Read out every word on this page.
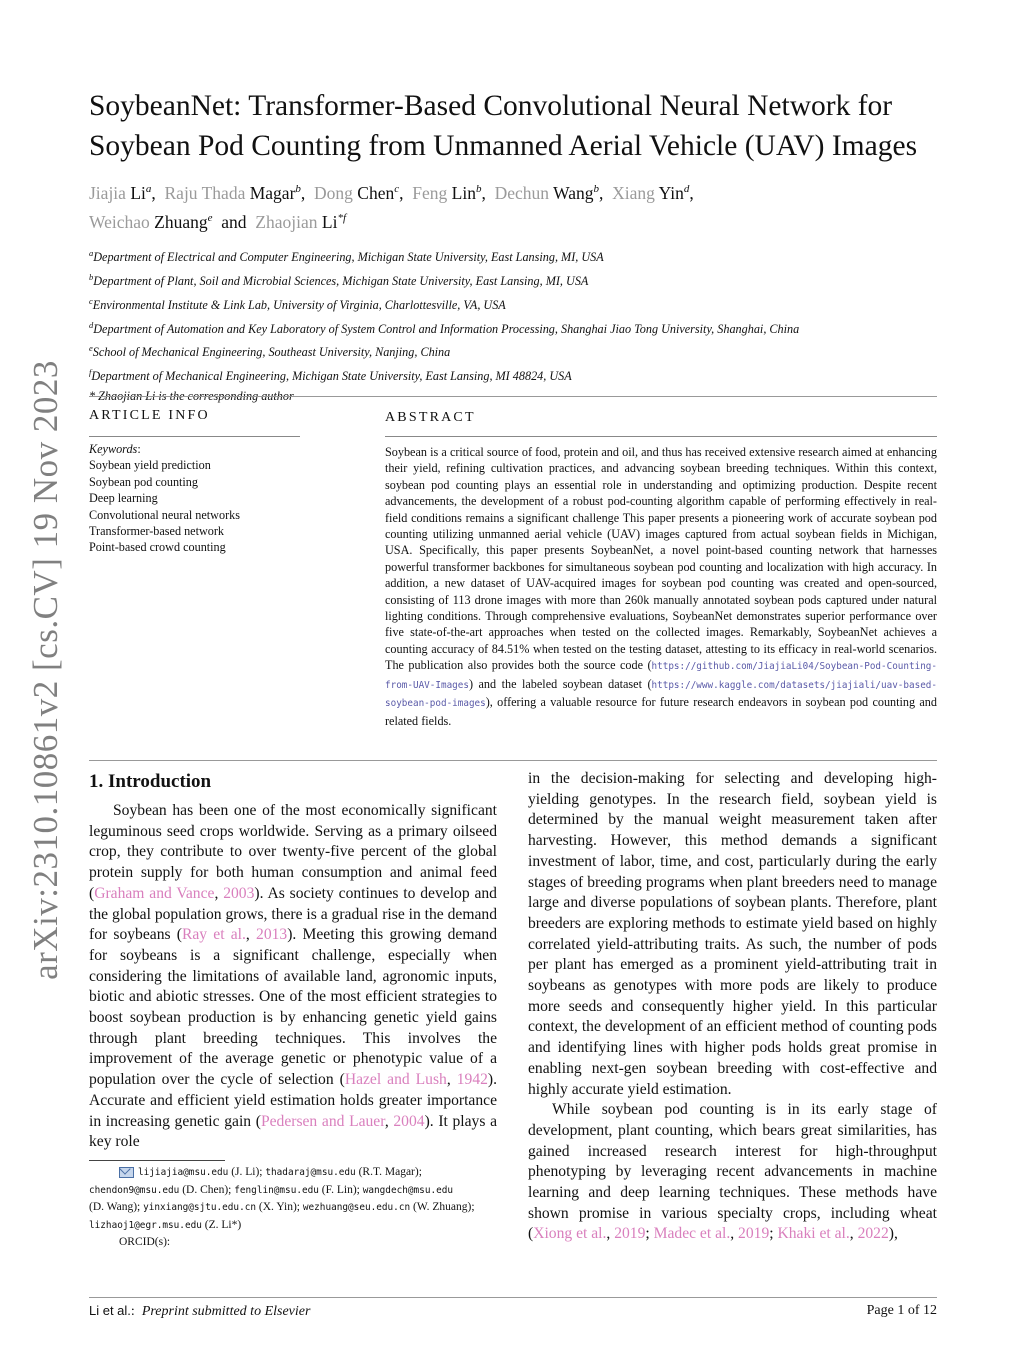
arXiv:2310.10861v2 [cs.CV] 19 Nov 2023
SoybeanNet: Transformer-Based Convolutional Neural Network for Soybean Pod Counting from Unmanned Aerial Vehicle (UAV) Images
Jiajia Li$^a$,  Raju Thada Magar$^b$,  Dong Chen$^c$,  Feng Lin$^b$,  Dechun Wang$^b$,  Xiang Yin$^d$,
Weichao Zhuang$^e$ and Zhaojian Li$^{*f}$
$^a$Department of Electrical and Computer Engineering, Michigan State University, East Lansing, MI, USA
$^b$Department of Plant, Soil and Microbial Sciences, Michigan State University, East Lansing, MI, USA
$^c$Environmental Institute & Link Lab, University of Virginia, Charlottesville, VA, USA
$^d$Department of Automation and Key Laboratory of System Control and Information Processing, Shanghai Jiao Tong University, Shanghai, China
$^e$School of Mechanical Engineering, Southeast University, Nanjing, China
$^f$Department of Mechanical Engineering, Michigan State University, East Lansing, MI 48824, USA
* Zhaojian Li is the corresponding author
ARTICLE INFO	ABSTRACT
Keywords:
Soybean yield prediction
Soybean pod counting
Deep learning
Convolutional neural networks
Transformer-based network
Point-based crowd counting

Soybean is a critical source of food, protein and oil, and thus has received extensive research aimed at enhancing their yield, refining cultivation practices, and advancing soybean breeding techniques. Within this context, soybean pod counting plays an essential role in understanding and optimizing production. Despite recent advancements, the development of a robust pod-counting algorithm capable of performing effectively in real-field conditions remains a significant challenge This paper presents a pioneering work of accurate soybean pod counting utilizing unmanned aerial vehicle (UAV) images captured from actual soybean fields in Michigan, USA. Specifically, this paper presents SoybeanNet, a novel point-based counting network that harnesses powerful transformer backbones for simultaneous soybean pod counting and localization with high accuracy. In addition, a new dataset of UAV-acquired images for soybean pod counting was created and open-sourced, consisting of 113 drone images with more than 260k manually annotated soybean pods captured under natural lighting conditions. Through comprehensive evaluations, SoybeanNet demonstrates superior performance over five state-of-the-art approaches when tested on the collected images. Remarkably, SoybeanNet achieves a counting accuracy of 84.51% when tested on the testing dataset, attesting to its efficacy in real-world scenarios. The publication also provides both the source code (https://github.com/JiajiaLi04/Soybean-Pod-Counting-from-UAV-Images) and the labeled soybean dataset (https://www.kaggle.com/datasets/jiajiali/uav-based-soybean-pod-images), offering a valuable resource for future research endeavors in soybean pod counting and related fields.

1. Introduction

Soybean has been one of the most economically significant leguminous seed crops worldwide. Serving as a primary oilseed crop, they contribute to over twenty-five percent of the global protein supply for both human consumption and animal feed (Graham and Vance, 2003). As society continues to develop and the global population grows, there is a gradual rise in the demand for soybeans (Ray et al., 2013). Meeting this growing demand for soybeans is a significant challenge, especially when considering the limitations of available land, agronomic inputs, biotic and abiotic stresses. One of the most efficient strategies to boost soybean production is by enhancing genetic yield gains through plant breeding techniques. This involves the improvement of the average genetic or phenotypic value of a population over the cycle of selection (Hazel and Lush, 1942). Accurate and efficient yield estimation holds greater importance in increasing genetic gain (Pedersen and Lauer, 2004). It plays a key role

in the decision-making for selecting and developing high-yielding genotypes. In the research field, soybean yield is determined by the manual weight measurement taken after harvesting. However, this method demands a significant investment of labor, time, and cost, particularly during the early stages of breeding programs when plant breeders need to manage large and diverse populations of soybean plants. Therefore, plant breeders are exploring methods to estimate yield based on highly correlated yield-attributing traits. As such, the number of pods per plant has emerged as a prominent yield-attributing trait in soybeans as genotypes with more pods are likely to produce more seeds and consequently higher yield. In this particular context, the development of an efficient method of counting pods and identifying lines with higher pods holds great promise in enabling next-gen soybean breeding with cost-effective and highly accurate yield estimation.

While soybean pod counting is in its early stage of development, plant counting, which bears great similarities, has gained increased research interest for high-throughput phenotyping by leveraging recent advancements in machine learning and deep learning techniques. These methods have shown promise in various specialty crops, including wheat (Xiong et al., 2019; Madec et al., 2019; Khaki et al., 2022),

lijiajia@msu.edu (J. Li); thadaraj@msu.edu (R.T. Magar);
chendon9@msu.edu (D. Chen); fenglin@msu.edu (F. Lin); wangdech@msu.edu
(D. Wang); yinxiang@sjtu.edu.cn (X. Yin); wezhuang@seu.edu.cn (W. Zhuang);
lizhaoj1@egr.msu.edu (Z. Li*)
ORCID(s):
Li et al.:  Preprint submitted to Elsevier	Page 1 of 12
